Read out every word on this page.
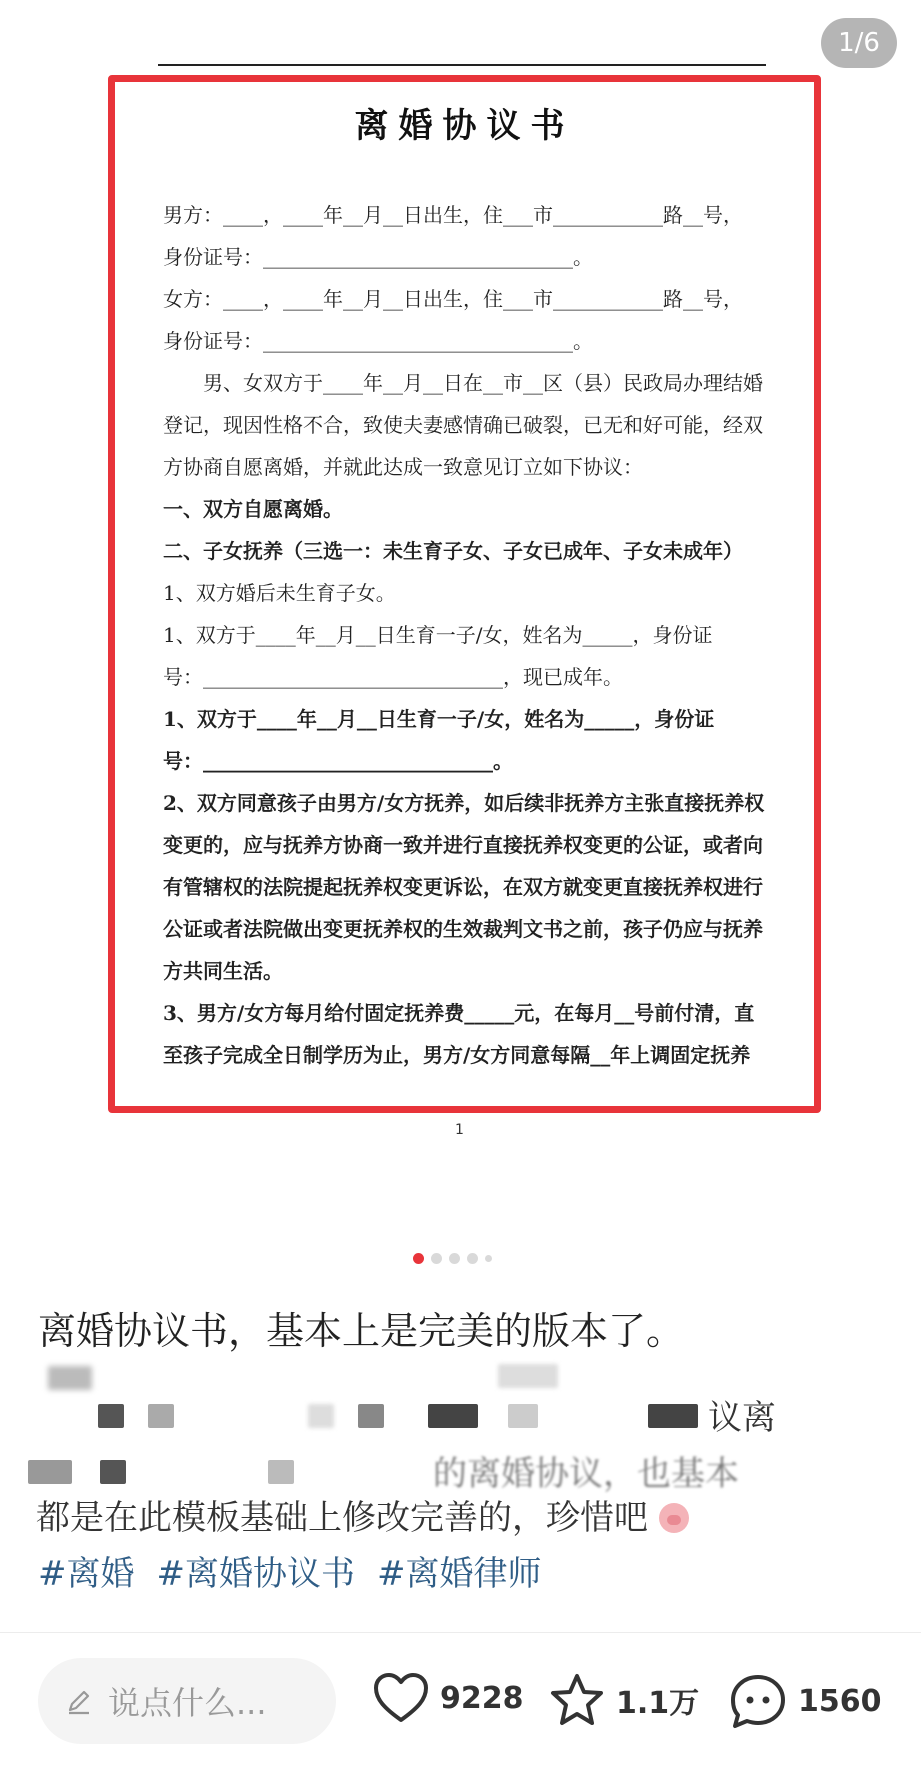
1/6
离婚协议书
男方：____，____年__月__日出生，住___市___________路__号，
身份证号：_______________________________。
女方：____，____年__月__日出生，住___市___________路__号，
身份证号：_______________________________。
　　男、女双方于____年__月__日在__市__区（县）民政局办理结婚
登记，现因性格不合，致使夫妻感情确已破裂，已无和好可能，经双
方协商自愿离婚，并就此达成一致意见订立如下协议：
一、双方自愿离婚。
二、子女抚养（三选一：未生育子女、子女已成年、子女未成年）
1、双方婚后未生育子女。
1、双方于____年__月__日生育一子/女，姓名为_____，身份证
号：______________________________，现已成年。
1、双方于____年__月__日生育一子/女，姓名为_____，身份证
号：_____________________________。
2、双方同意孩子由男方/女方抚养，如后续非抚养方主张直接抚养权
变更的，应与抚养方协商一致并进行直接抚养权变更的公证，或者向
有管辖权的法院提起抚养权变更诉讼，在双方就变更直接抚养权进行
公证或者法院做出变更抚养权的生效裁判文书之前，孩子仍应与抚养
方共同生活。
3、男方/女方每月给付固定抚养费_____元，在每月__号前付清，直
至孩子完成全日制学历为止，男方/女方同意每隔__年上调固定抚养
1
离婚协议书，基本上是完美的版本了。
议离
的离婚协议，也基本
都是在此模板基础上修改完善的，珍惜吧
#离婚 #离婚协议书 #离婚律师
说点什么...	9228	1.1万	1560
